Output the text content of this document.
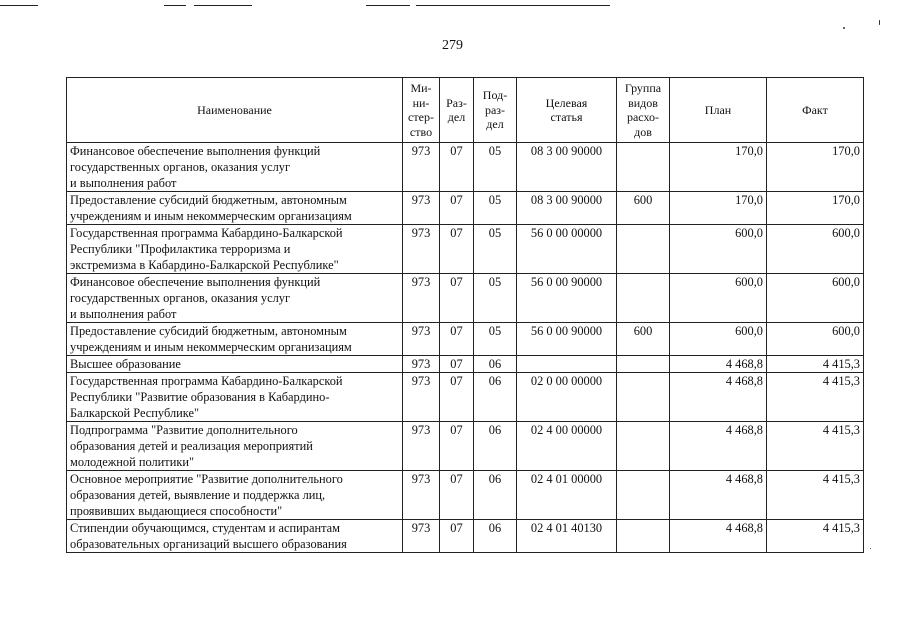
279
Наименование	Ми-
ни-
стер-
ство	Раз-
дел	Под-
раз-
дел	Целевая
статья	Группа
видов
расхо-
дов	План	Факт
Финансовое обеспечение выполнения функций
государственных органов, оказания услуг
и выполнения работ	973	07	05	08 3 00 90000		170,0	170,0
Предоставление субсидий бюджетным, автономным
учреждениям и иным некоммерческим организациям	973	07	05	08 3 00 90000	600	170,0	170,0
Государственная программа Кабардино-Балкарской
Республики "Профилактика терроризма и
экстремизма в Кабардино-Балкарской Республике"	973	07	05	56 0 00 00000		600,0	600,0
Финансовое обеспечение выполнения функций
государственных органов, оказания услуг
и выполнения работ	973	07	05	56 0 00 90000		600,0	600,0
Предоставление субсидий бюджетным, автономным
учреждениям и иным некоммерческим организациям	973	07	05	56 0 00 90000	600	600,0	600,0
Высшее образование	973	07	06			4 468,8	4 415,3
Государственная программа Кабардино-Балкарской
Республики "Развитие образования в Кабардино-
Балкарской Республике"	973	07	06	02 0 00 00000		4 468,8	4 415,3
Подпрограмма "Развитие дополнительного
образования детей и реализация мероприятий
молодежной политики"	973	07	06	02 4 00 00000		4 468,8	4 415,3
Основное мероприятие "Развитие дополнительного
образования детей, выявление и поддержка лиц,
проявивших выдающиеся способности"	973	07	06	02 4 01 00000		4 468,8	4 415,3
Стипендии обучающимся, студентам и аспирантам
образовательных организаций высшего образования	973	07	06	02 4 01 40130		4 468,8	4 415,3
